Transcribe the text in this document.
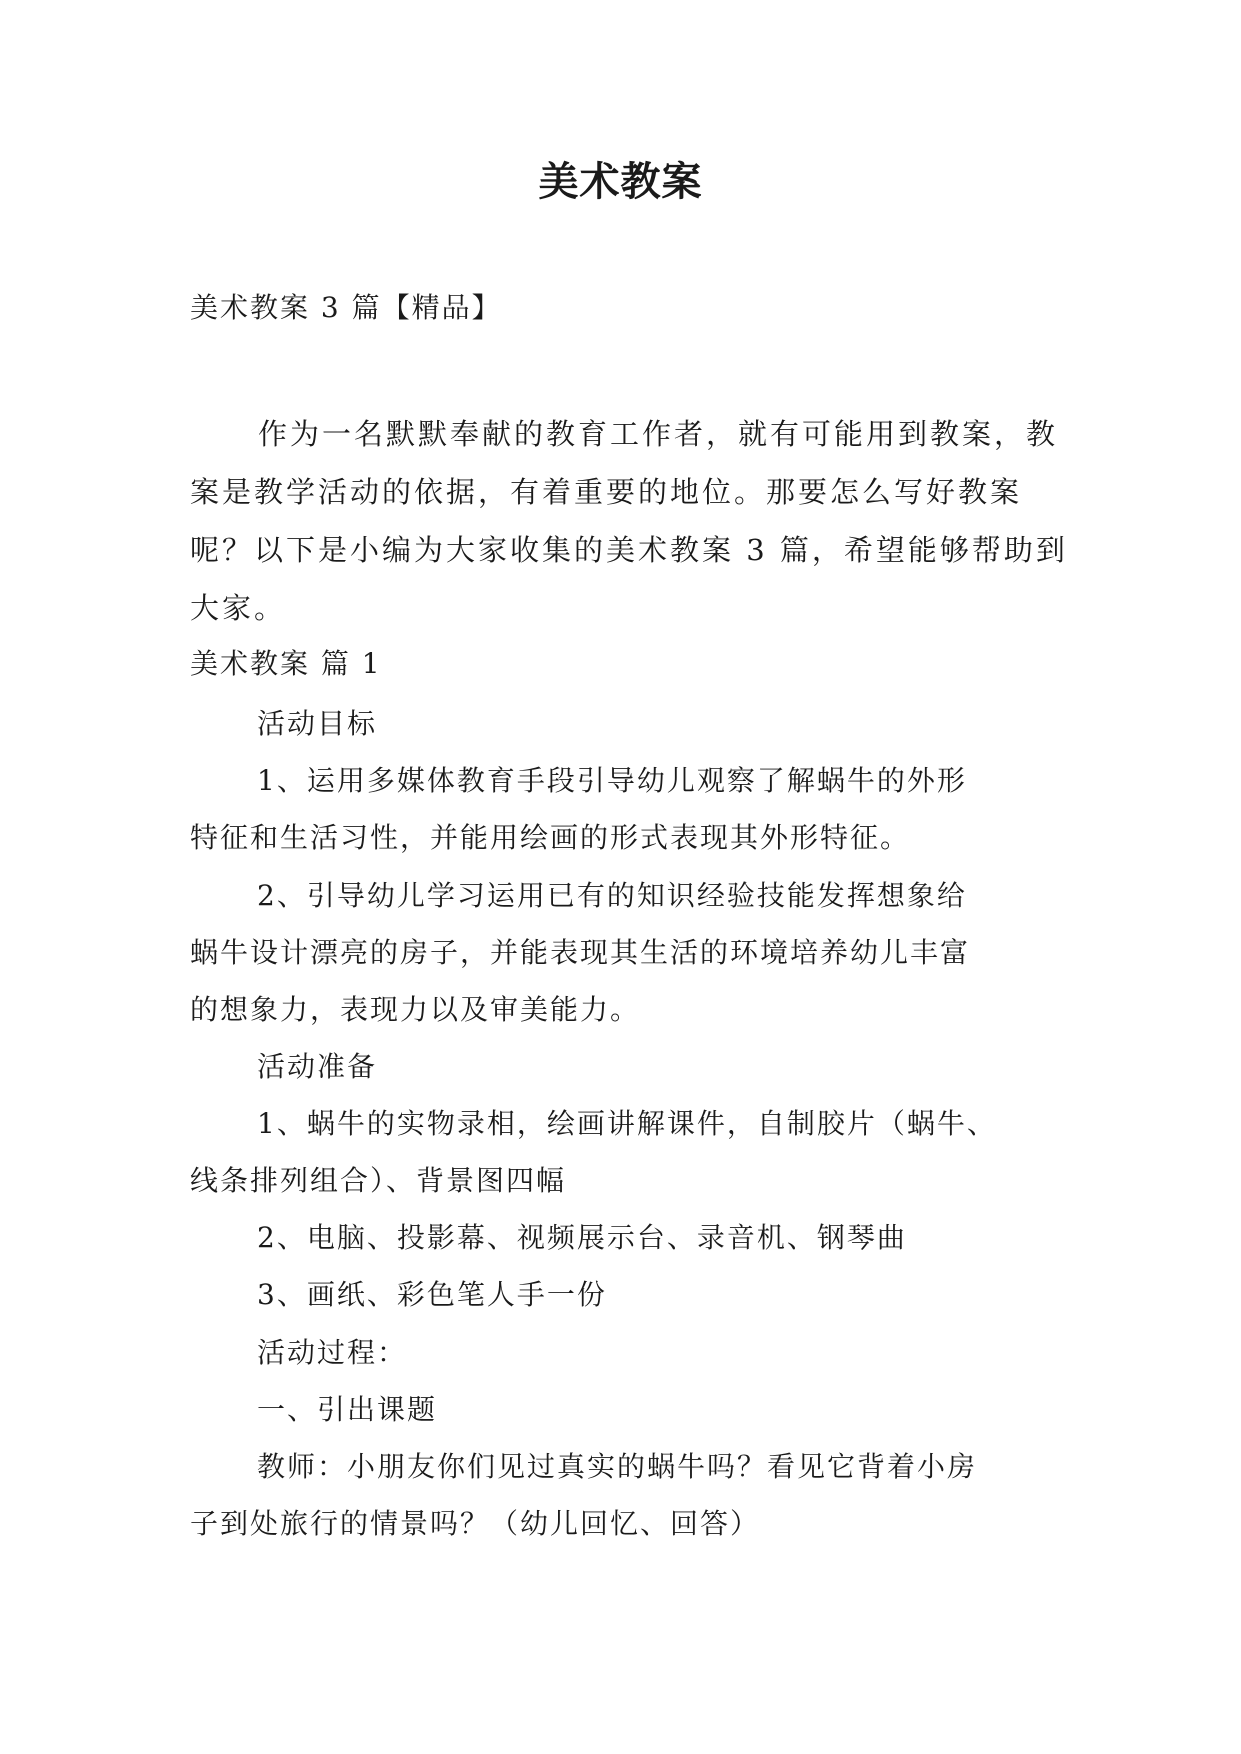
美术教案
美术教案 3 篇【精品】

作为一名默默奉献的教育工作者，就有可能用到教案，教案是教学活动的依据，有着重要的地位。那要怎么写好教案呢？以下是小编为大家收集的美术教案 3 篇，希望能够帮助到大家。

美术教案 篇 1
活动目标
1、运用多媒体教育手段引导幼儿观察了解蜗牛的外形
特征和生活习性，并能用绘画的形式表现其外形特征。
2、引导幼儿学习运用已有的知识经验技能发挥想象给
蜗牛设计漂亮的房子，并能表现其生活的环境培养幼儿丰富
的想象力，表现力以及审美能力。
活动准备
1、蜗牛的实物录相，绘画讲解课件，自制胶片（蜗牛、
线条排列组合）、背景图四幅
2、电脑、投影幕、视频展示台、录音机、钢琴曲
3、画纸、彩色笔人手一份
活动过程：
一、引出课题
教师：小朋友你们见过真实的蜗牛吗？看见它背着小房
子到处旅行的情景吗？（幼儿回忆、回答）
